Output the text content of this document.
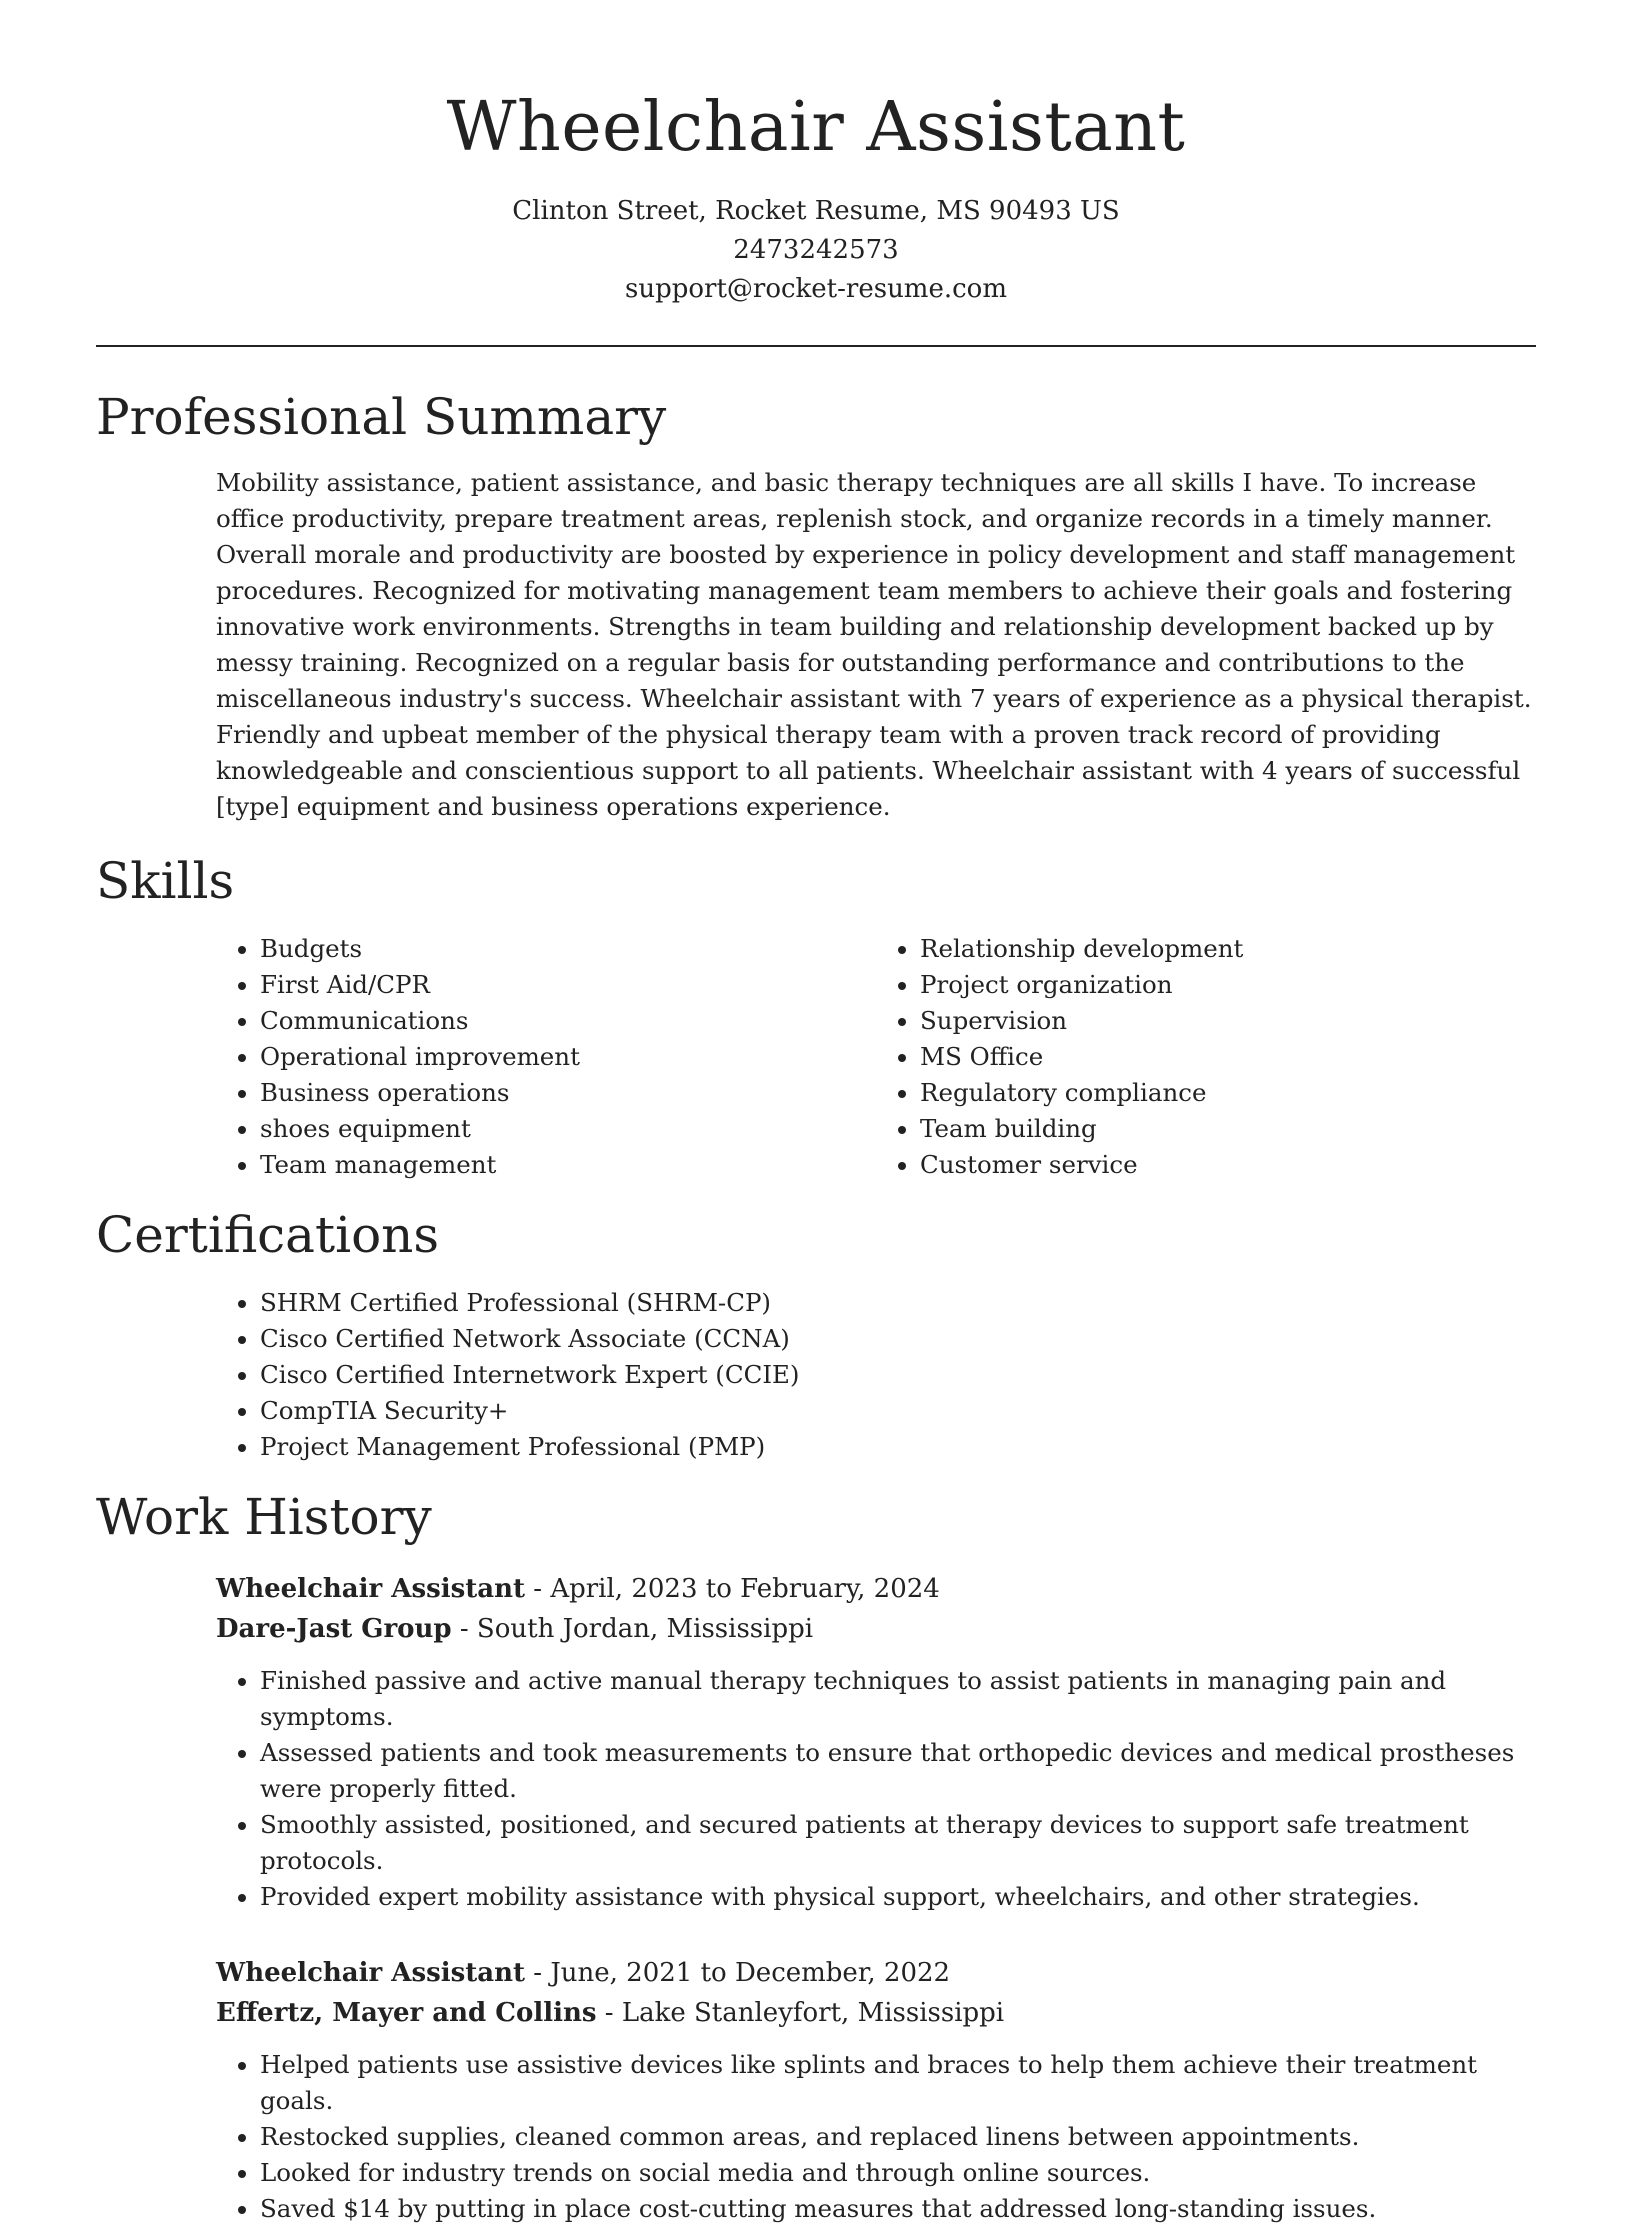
Wheelchair Assistant

Clinton Street, Rocket Resume, MS 90493 US

2473242573

support@rocket-resume.com

Professional Summary

Mobility assistance, patient assistance, and basic therapy techniques are all skills I have. To increase office productivity, prepare treatment areas, replenish stock, and organize records in a timely manner. Overall morale and productivity are boosted by experience in policy development and staff management procedures. Recognized for motivating management team members to achieve their goals and fostering innovative work environments. Strengths in team building and relationship development backed up by messy training. Recognized on a regular basis for outstanding performance and contributions to the miscellaneous industry's success. Wheelchair assistant with 7 years of experience as a physical therapist. Friendly and upbeat member of the physical therapy team with a proven track record of providing knowledgeable and conscientious support to all patients. Wheelchair assistant with 4 years of successful [type] equipment and business operations experience.

Skills
• Budgets
• First Aid/CPR
• Communications
• Operational improvement
• Business operations
• shoes equipment
• Team management
• Relationship development
• Project organization
• Supervision
• MS Office
• Regulatory compliance
• Team building
• Customer service
Certifications
• SHRM Certified Professional (SHRM-CP)
• Cisco Certified Network Associate (CCNA)
• Cisco Certified Internetwork Expert (CCIE)
• CompTIA Security+
• Project Management Professional (PMP)
Work History

Wheelchair Assistant - April, 2023 to February, 2024

Dare-Jast Group - South Jordan, Mississippi

• Finished passive and active manual therapy techniques to assist patients in managing pain and symptoms.
• Assessed patients and took measurements to ensure that orthopedic devices and medical prostheses were properly fitted.
• Smoothly assisted, positioned, and secured patients at therapy devices to support safe treatment protocols.
• Provided expert mobility assistance with physical support, wheelchairs, and other strategies.

Wheelchair Assistant - June, 2021 to December, 2022

Effertz, Mayer and Collins - Lake Stanleyfort, Mississippi

• Helped patients use assistive devices like splints and braces to help them achieve their treatment goals.
• Restocked supplies, cleaned common areas, and replaced linens between appointments.
• Looked for industry trends on social media and through online sources.
• Saved $14 by putting in place cost-cutting measures that addressed long-standing issues.
